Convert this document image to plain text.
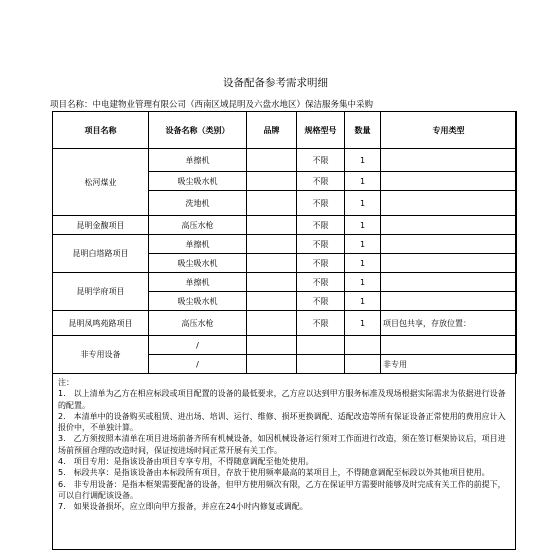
设备配备参考需求明细
项目名称：中电建物业管理有限公司（西南区域昆明及六盘水地区）保洁服务集中采购
项目名称	设备名称（类别）	品牌	规格型号	数量	专用类型
松河煤业	单擦机		不限	1	
	吸尘吸水机		不限	1	
	洗地机		不限	1	
昆明金馥项目	高压水枪		不限	1	
昆明白塔路项目	单擦机		不限	1	
	吸尘吸水机		不限	1	
昆明学府项目	单擦机		不限	1	
	吸尘吸水机		不限	1	
昆明凤鸣苑路项目	高压水枪		不限	1	项目包共享，存放位置：
非专用设备	/				
	/				非专用

注：

1.　以上清单为乙方在相应标段或项目配置的设备的最低要求，乙方应以达到甲方服务标准及现场根据实际需求为依据进行设备的配置。

2.　本清单中的设备购买或租赁、进出场、培训、运行、维修、损坏更换调配、适配改造等所有保证设备正常使用的费用应计入报价中，不单独计算。

3.　乙方须按照本清单在项目进场前备齐所有机械设备，如因机械设备运行须对工作面进行改造，须在签订框架协议后，项目进场前预留合理的改造时间，保证按进场时间正常开展有关工作。

4.　项目专用：是指该设备由项目专享专用，不得随意调配至他处使用。

5.　标段共享：是指该设备由本标段所有项目，存放于使用频率最高的某项目上，不得随意调配至标段以外其他项目使用。

6.　非专用设备：是指本框架需要配备的设备，但甲方使用频次有限，乙方在保证甲方需要时能够及时完成有关工作的前提下，可以自行调配该设备。

7.　如果设备损坏，应立即向甲方报备，并应在24小时内修复或调配。
